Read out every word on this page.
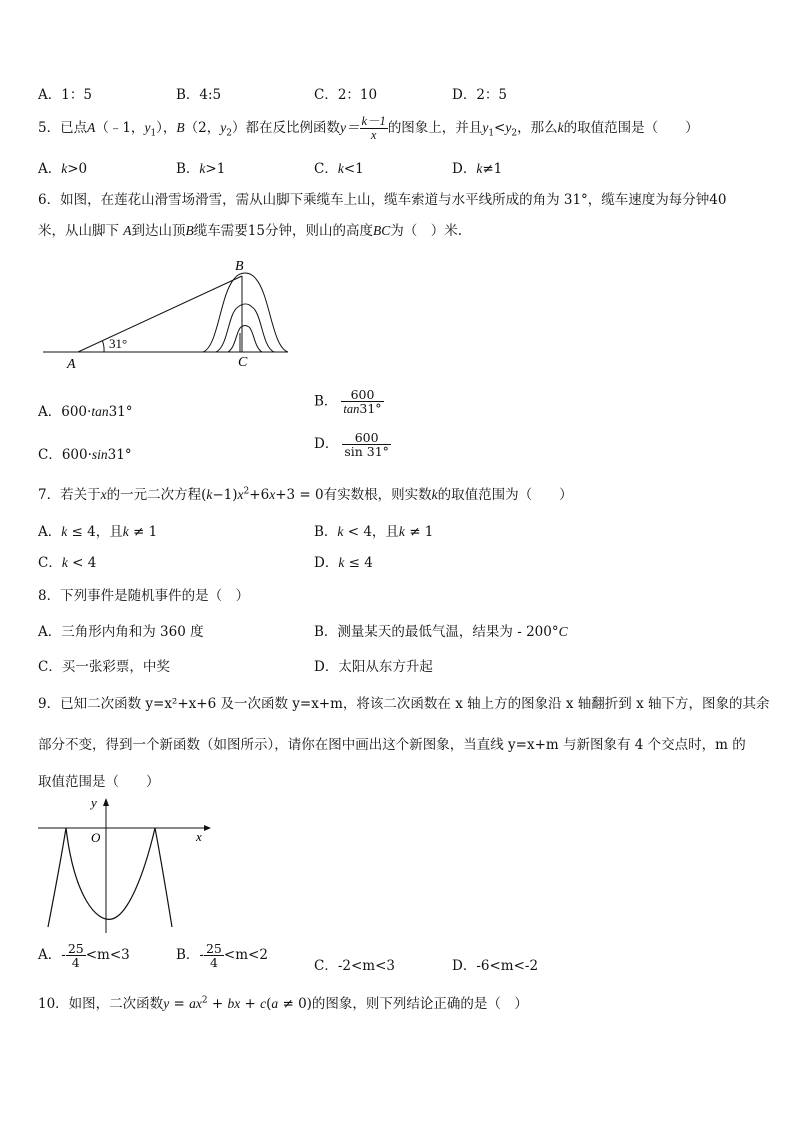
A．1：5	B．4:5	C．2：10	D．2：5
5．已点A（﹣1，$y_1$），B（2，$y_2$）都在反比例函数$y= \frac{k-1}{x}$ 的图象上，并且$y_1<y_2$，那么k的取值范围是（　　）
A．k>0	B．k>1	C．k<1	D．k≠1
6．如图，在莲花山滑雪场滑雪，需从山脚下乘缆车上山，缆车索道与水平线所成的角为 31°，缆车速度为每分钟40
米，从山脚下 A到达山顶B缆车需要15分钟，则山的高度BC为（　）米.
B
A	C
31°
A．600·tan31°
B． $\frac{600}{\tan 31^\circ}$
C．600·sin31°
D． $\frac{600}{\sin 31^\circ}$
7．若关于x的一元二次方程$(k-1)x^2+6x+3 = 0$有实数根，则实数k的取值范围为（　　）
A．k ≤ 4，且k ≠ 1	B．k < 4，且k ≠ 1
C．k < 4	D．k ≤ 4
8．下列事件是随机事件的是（　）
A．三角形内角和为 360 度	B．测量某天的最低气温，结果为 - 200°C
C．买一张彩票，中奖	D．太阳从东方升起
9．已知二次函数 y=x²+x+6 及一次函数 y=x+m，将该二次函数在 x 轴上方的图象沿 x 轴翻折到 x 轴下方，图象的其余
部分不变，得到一个新函数（如图所示），请你在图中画出这个新图象，当直线 y=x+m 与新图象有 4 个交点时，m 的
取值范围是（　　）
y
x
O
A．- $\frac{25}{4} <m<3$	B．- $\frac{25}{4} <m<2$
C．-2<m<3	D．-6<m<-2
10．如图，二次函数$y = ax^2$ + bx + c(a ≠ 0)的图象，则下列结论正确的是（　）
